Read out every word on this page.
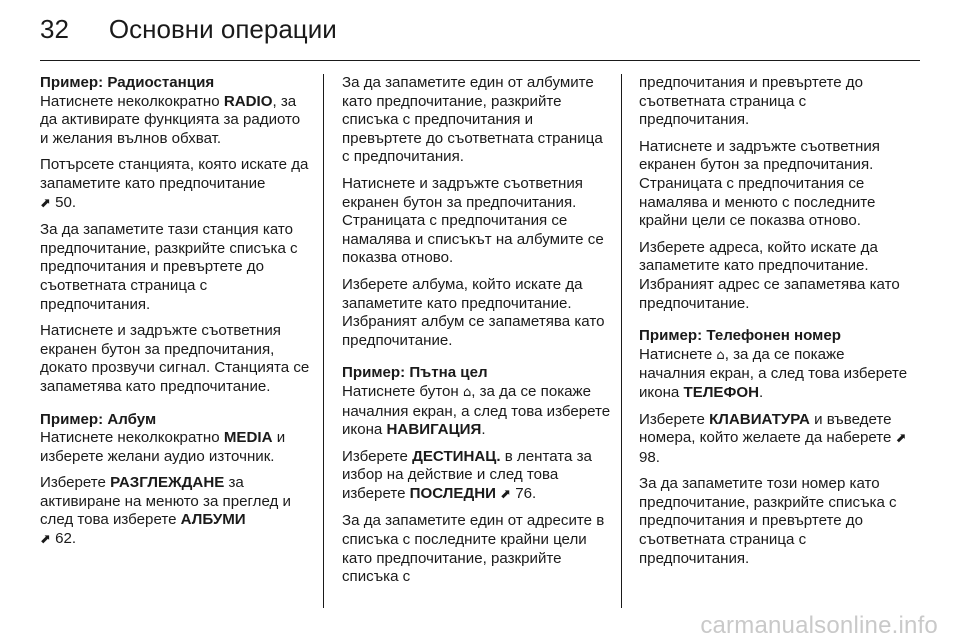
32 Основни операции

Пример: Радиостанция
Натиснете неколкократно RADIO, за да активирате функцията за радиото и желания вълнов обхват.

Потърсете станцията, която искате да запаметите като предпочитание
⬈ 50.

За да запаметите тази станция като предпочитание, разкрийте списъка с предпочитания и превъртете до съответната страница с предпочитания.

Натиснете и задръжте съответния екранен бутон за предпочитания, докато прозвучи сигнал. Станцията се запаметява като предпочитание.

Пример: Албум
Натиснете неколкократно MEDIA и изберете желани аудио източник.

Изберете РАЗГЛЕЖДАНЕ за активиране на менюто за преглед и след това изберете АЛБУМИ
⬈ 62.

За да запаметите един от албумите като предпочитание, разкрийте списъка с предпочитания и превъртете до съответната страница с предпочитания.

Натиснете и задръжте съответния екранен бутон за предпочитания. Страницата с предпочитания се намалява и списъкът на албумите се показва отново.

Изберете албума, който искате да запаметите като предпочитание. Избраният албум се запаметява като предпочитание.

Пример: Пътна цел
Натиснете бутон ⌂, за да се покаже началния екран, а след това изберете икона НАВИГАЦИЯ.

Изберете ДЕСТИНАЦ. в лентата за избор на действие и след това изберете ПОСЛЕДНИ ⬈ 76.

За да запаметите един от адресите в списъка с последните крайни цели като предпочитание, разкрийте списъка с

предпочитания и превъртете до съответната страница с предпочитания.

Натиснете и задръжте съответния екранен бутон за предпочитания. Страницата с предпочитания се намалява и менюто с последните крайни цели се показва отново.

Изберете адреса, който искате да запаметите като предпочитание. Избраният адрес се запаметява като предпочитание.

Пример: Телефонен номер
Натиснете ⌂, за да се покаже началния екран, а след това изберете икона ТЕЛЕФОН.

Изберете КЛАВИАТУРА и въведете номера, който желаете да наберете ⬈ 98.

За да запаметите този номер като предпочитание, разкрийте списъка с предпочитания и превъртете до съответната страница с предпочитания.

carmanualsonline.info
